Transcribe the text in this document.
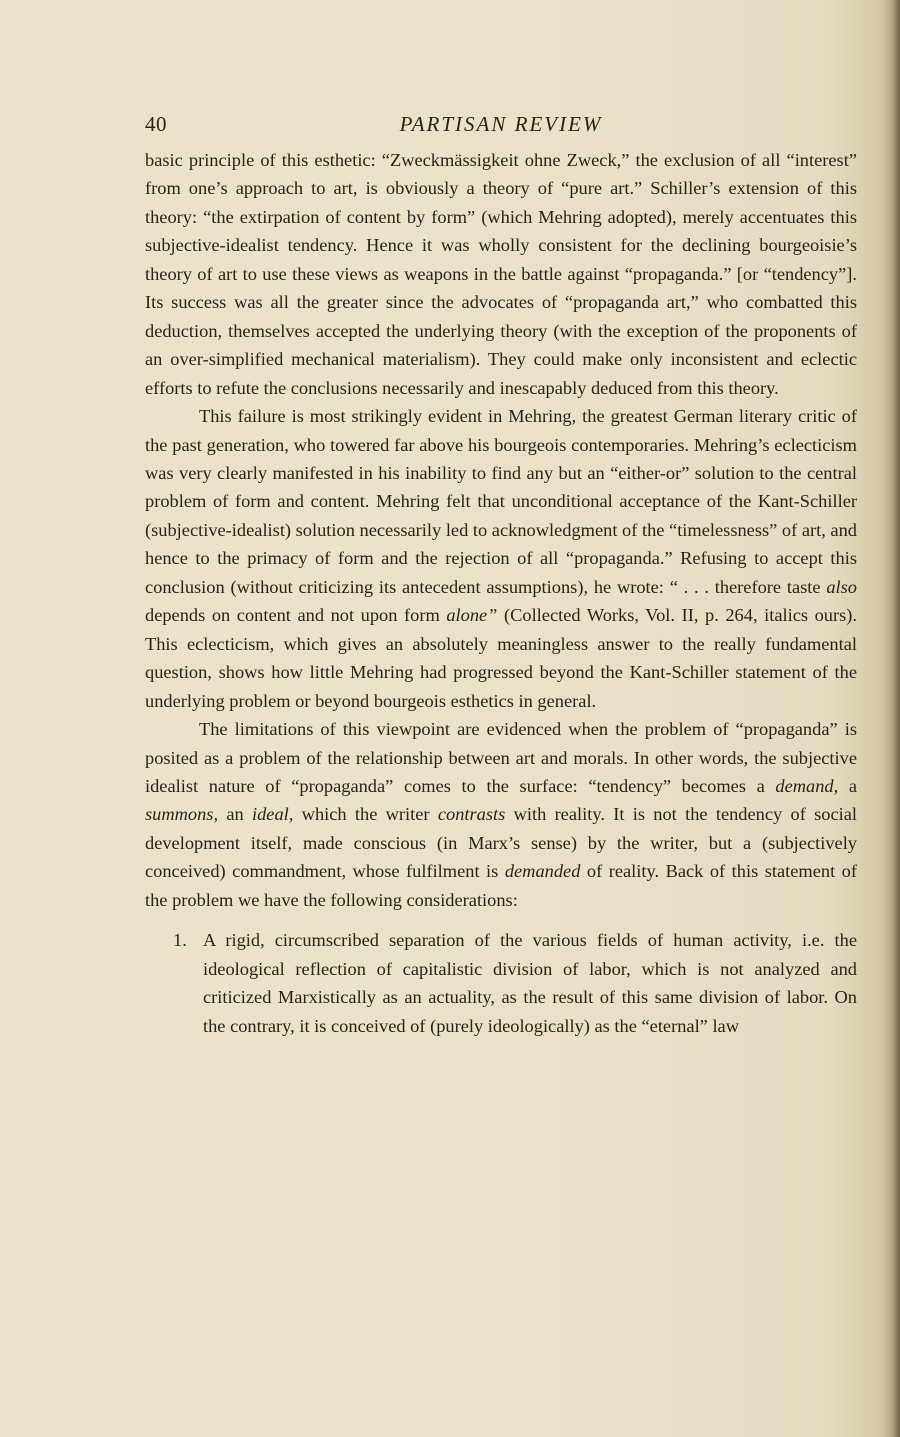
40	PARTISAN REVIEW

basic principle of this esthetic: “Zweckmässigkeit ohne Zweck,” the exclusion of all “interest” from one’s approach to art, is obviously a theory of “pure art.” Schiller’s extension of this theory: “the extirpation of content by form” (which Mehring adopted), merely accentuates this subjective-idealist tendency. Hence it was wholly consistent for the declining bourgeoisie’s theory of art to use these views as weapons in the battle against “propaganda.” [or “tendency”]. Its success was all the greater since the advocates of “propaganda art,” who combatted this deduction, themselves accepted the underlying theory (with the exception of the proponents of an over-simplified mechanical materialism). They could make only inconsistent and eclectic efforts to refute the conclusions necessarily and inescapably deduced from this theory.

This failure is most strikingly evident in Mehring, the greatest German literary critic of the past generation, who towered far above his bourgeois contemporaries. Mehring’s eclecticism was very clearly manifested in his inability to find any but an “either-or” solution to the central problem of form and content. Mehring felt that unconditional acceptance of the Kant-Schiller (subjective-idealist) solution necessarily led to acknowledgment of the “timelessness” of art, and hence to the primacy of form and the rejection of all “propaganda.” Refusing to accept this conclusion (without criticizing its antecedent assumptions), he wrote: “ . . . therefore taste also depends on content and not upon form alone” (Collected Works, Vol. II, p. 264, italics ours). This eclecticism, which gives an absolutely meaningless answer to the really fundamental question, shows how little Mehring had progressed beyond the Kant-Schiller statement of the underlying problem or beyond bourgeois esthetics in general.

The limitations of this viewpoint are evidenced when the problem of “propaganda” is posited as a problem of the relationship between art and morals. In other words, the subjective idealist nature of “propaganda” comes to the surface: “tendency” becomes a demand, a summons, an ideal, which the writer contrasts with reality. It is not the tendency of social development itself, made conscious (in Marx’s sense) by the writer, but a (subjectively conceived) commandment, whose fulfilment is demanded of reality. Back of this statement of the problem we have the following considerations:

1. A rigid, circumscribed separation of the various fields of human activity, i.e. the ideological reflection of capitalistic division of labor, which is not analyzed and criticized Marxistically as an actuality, as the result of this same division of labor. On the contrary, it is conceived of (purely ideologically) as the “eternal” law
